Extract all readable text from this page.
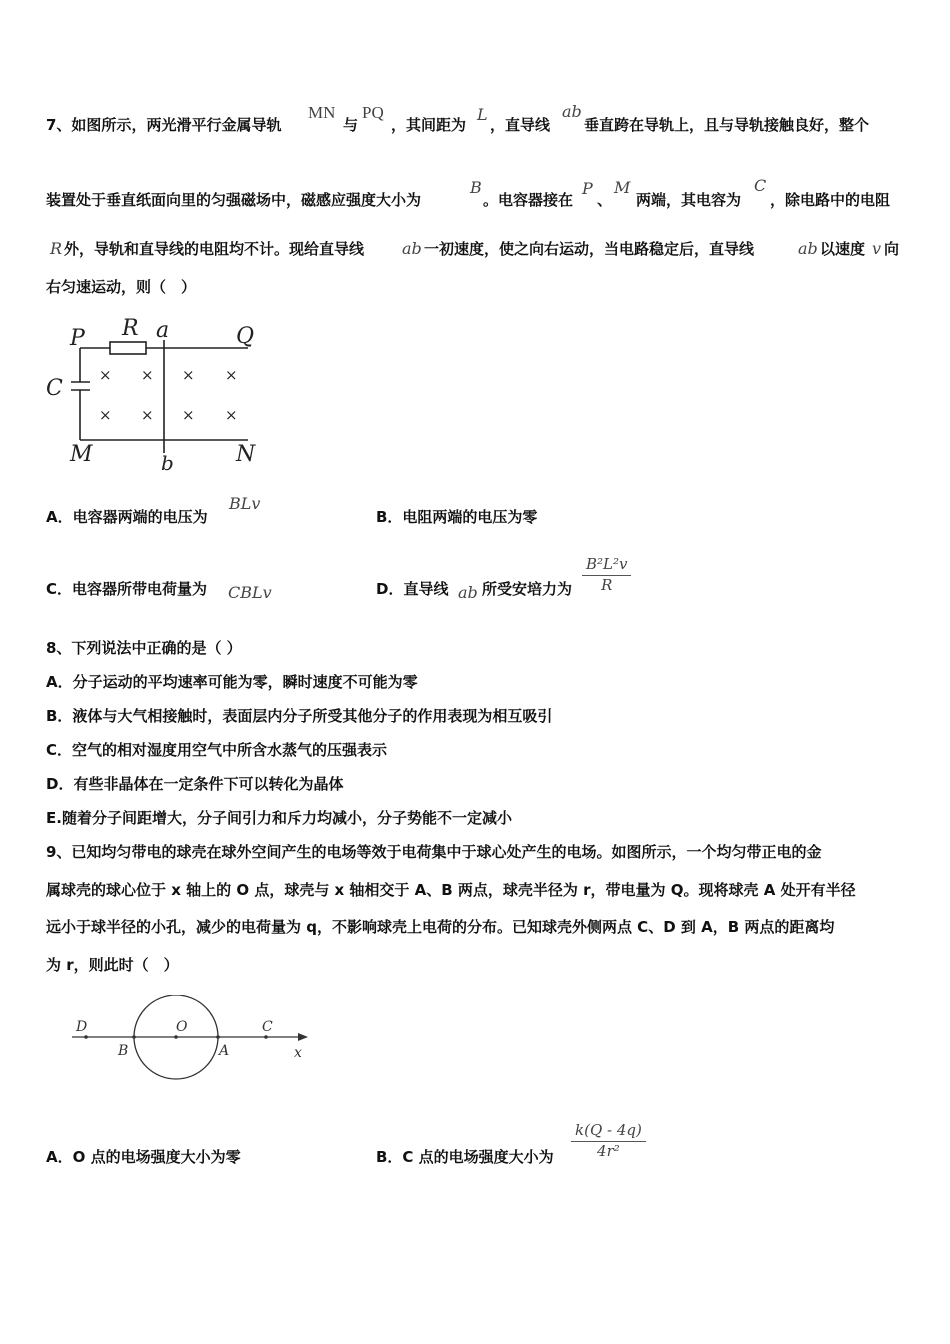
7、如图所示，两光滑平行金属导轨
MN
与
PQ
，其间距为
L
，直导线
ab
垂直跨在导轨上，且与导轨接触良好，整个
装置处于垂直纸面向里的匀强磁场中，磁感应强度大小为
B
。电容器接在
P
、
M
两端，其电容为
C
，除电路中的电阻
R 外，导轨和直导线的电阻均不计。现给直导线 ab 一初速度，使之向右运动，当电路稳定后，直导线	ab 以速度 v 向
右匀速运动，则（　）
P R a	Q
C
M	b	N
× × × ×
× × × ×
A．电容器两端的电压为
BLv
B．电阻两端的电压为零
C．电容器所带电荷量为 CBLv	D．直导线 ab 所受安培力为 $\frac{\text{B²L²v}}{R}$
8、下列说法中正确的是（ ）
A．分子运动的平均速率可能为零，瞬时速度不可能为零
B．液体与大气相接触时，表面层内分子所受其他分子的作用表现为相互吸引
C．空气的相对湿度用空气中所含水蒸气的压强表示
D．有些非晶体在一定条件下可以转化为晶体
E.随着分子间距增大，分子间引力和斥力均减小，分子势能不一定减小
9、已知均匀带电的球壳在球外空间产生的电场等效于电荷集中于球心处产生的电场。如图所示，一个均匀带正电的金
属球壳的球心位于 x 轴上的 O 点，球壳与 x 轴相交于 A、B 两点，球壳半径为 r，带电量为 Q。现将球壳 A 处开有半径
远小于球半径的小孔，减少的电荷量为 q，不影响球壳上电荷的分布。已知球壳外侧两点 C、D 到 A，B 两点的距离均
为 r，则此时（　）
D
B
O
A
C
x
A．O 点的电场强度大小为零	B．C 点的电场强度大小为 $\frac{k(Q - 4q)}{\text{4r²}}$
